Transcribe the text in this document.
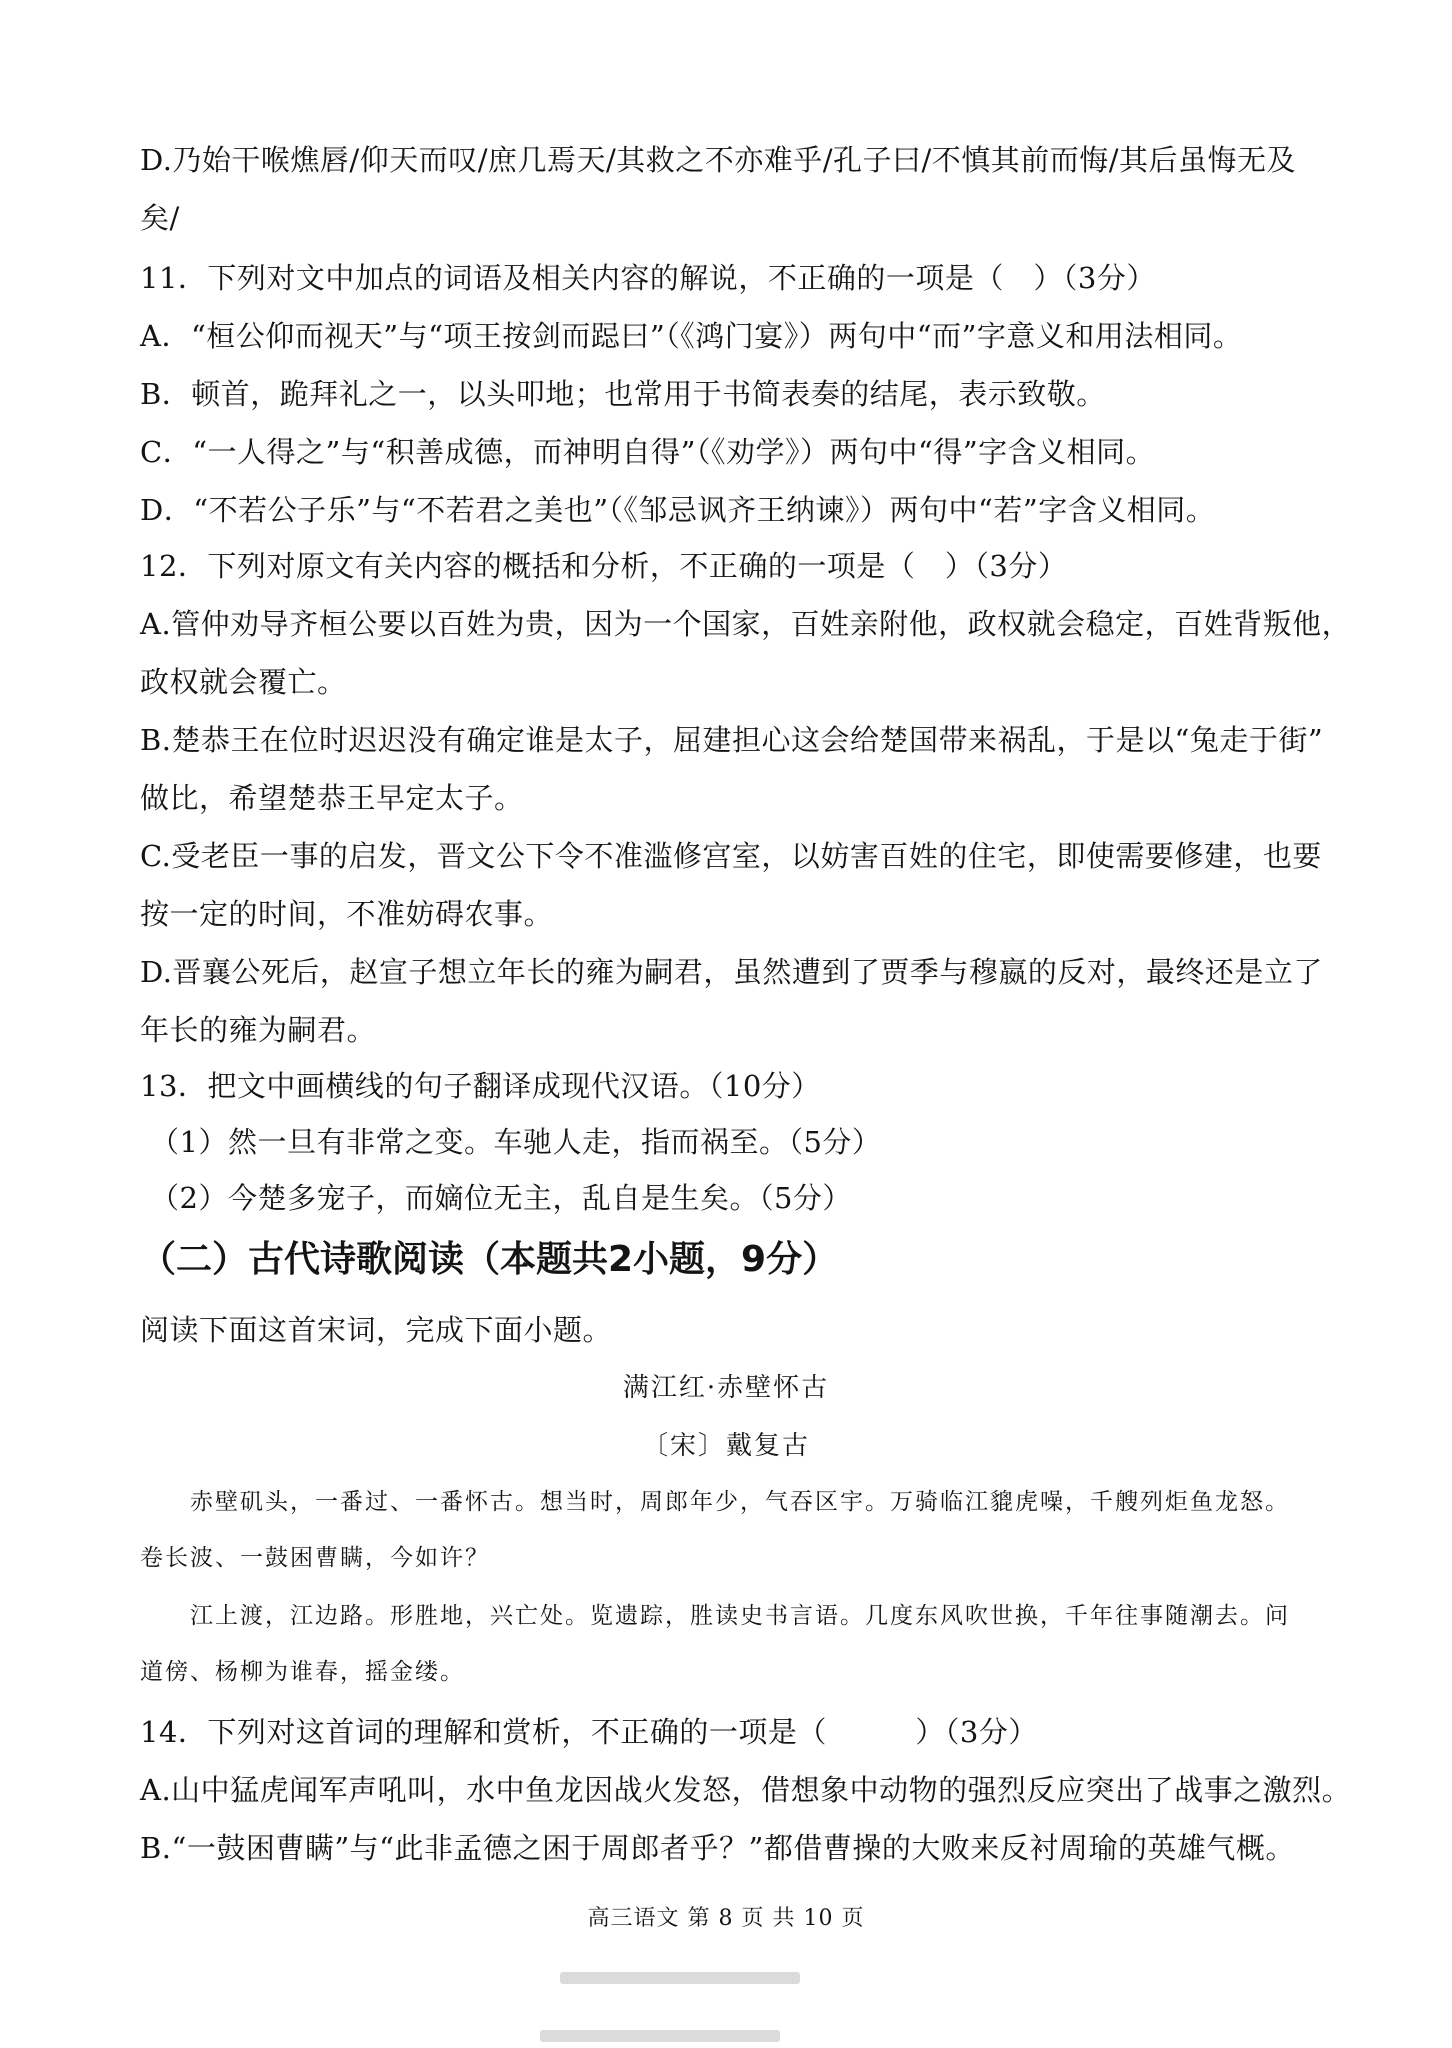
D.乃始干喉燋唇/仰天而叹/庶几焉天/其救之不亦难乎/孔子曰/不慎其前而悔/其后虽悔无及
矣/
11．下列对文中加点的词语及相关内容的解说，不正确的一项是（　）（3分）
A．“桓公仰而视天”与“项王按剑而跽曰”（《鸿门宴》）两句中“而”字意义和用法相同。
B．顿首，跪拜礼之一，以头叩地；也常用于书简表奏的结尾，表示致敬。
C．“一人得之”与“积善成德，而神明自得”（《劝学》）两句中“得”字含义相同。
D．“不若公子乐”与“不若君之美也”（《邹忌讽齐王纳谏》）两句中“若”字含义相同。
12．下列对原文有关内容的概括和分析，不正确的一项是（　）（3分）
A.管仲劝导齐桓公要以百姓为贵，因为一个国家，百姓亲附他，政权就会稳定，百姓背叛他，
政权就会覆亡。
B.楚恭王在位时迟迟没有确定谁是太子，屈建担心这会给楚国带来祸乱，于是以“兔走于街”
做比，希望楚恭王早定太子。
C.受老臣一事的启发，晋文公下令不准滥修宫室，以妨害百姓的住宅，即使需要修建，也要
按一定的时间，不准妨碍农事。
D.晋襄公死后，赵宣子想立年长的雍为嗣君，虽然遭到了贾季与穆嬴的反对，最终还是立了
年长的雍为嗣君。
13．把文中画横线的句子翻译成现代汉语。（10分）
（1）然一旦有非常之变。车驰人走，指而祸至。（5分）
（2）今楚多宠子，而嫡位无主，乱自是生矣。（5分）
（二）古代诗歌阅读（本题共2小题，9分）
阅读下面这首宋词，完成下面小题。
满江红·赤壁怀古
〔宋〕戴复古
赤壁矶头，一番过、一番怀古。想当时，周郎年少，气吞区宇。万骑临江貔虎噪，千艘列炬鱼龙怒。
卷长波、一鼓困曹瞒，今如许？
江上渡，江边路。形胜地，兴亡处。览遗踪，胜读史书言语。几度东风吹世换，千年往事随潮去。问
道傍、杨柳为谁春，摇金缕。
14．下列对这首词的理解和赏析，不正确的一项是（　　　）（3分）
A.山中猛虎闻军声吼叫，水中鱼龙因战火发怒，借想象中动物的强烈反应突出了战事之激烈。
B.“一鼓困曹瞒”与“此非孟德之困于周郎者乎？”都借曹操的大败来反衬周瑜的英雄气概。
高三语文 第 8 页 共 10 页
